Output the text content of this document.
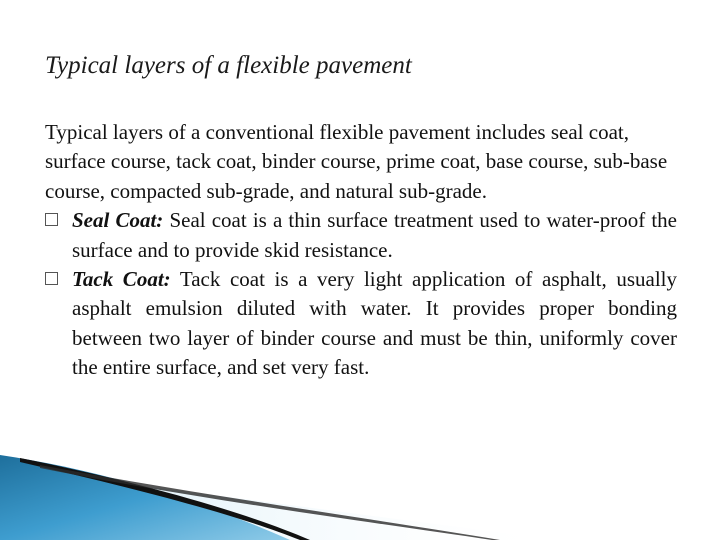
Typical layers of a flexible pavement

Typical layers of a conventional flexible pavement includes seal coat, surface course, tack coat, binder course, prime coat, base course, sub-base course, compacted sub-grade, and natural sub-grade.

Seal Coat: Seal coat is a thin surface treatment used to water-proof the surface and to provide skid resistance.

Tack Coat: Tack coat is a very light application of asphalt, usually asphalt emulsion diluted with water. It provides proper bonding between two layer of binder course and must be thin, uniformly cover the entire surface, and set very fast.
